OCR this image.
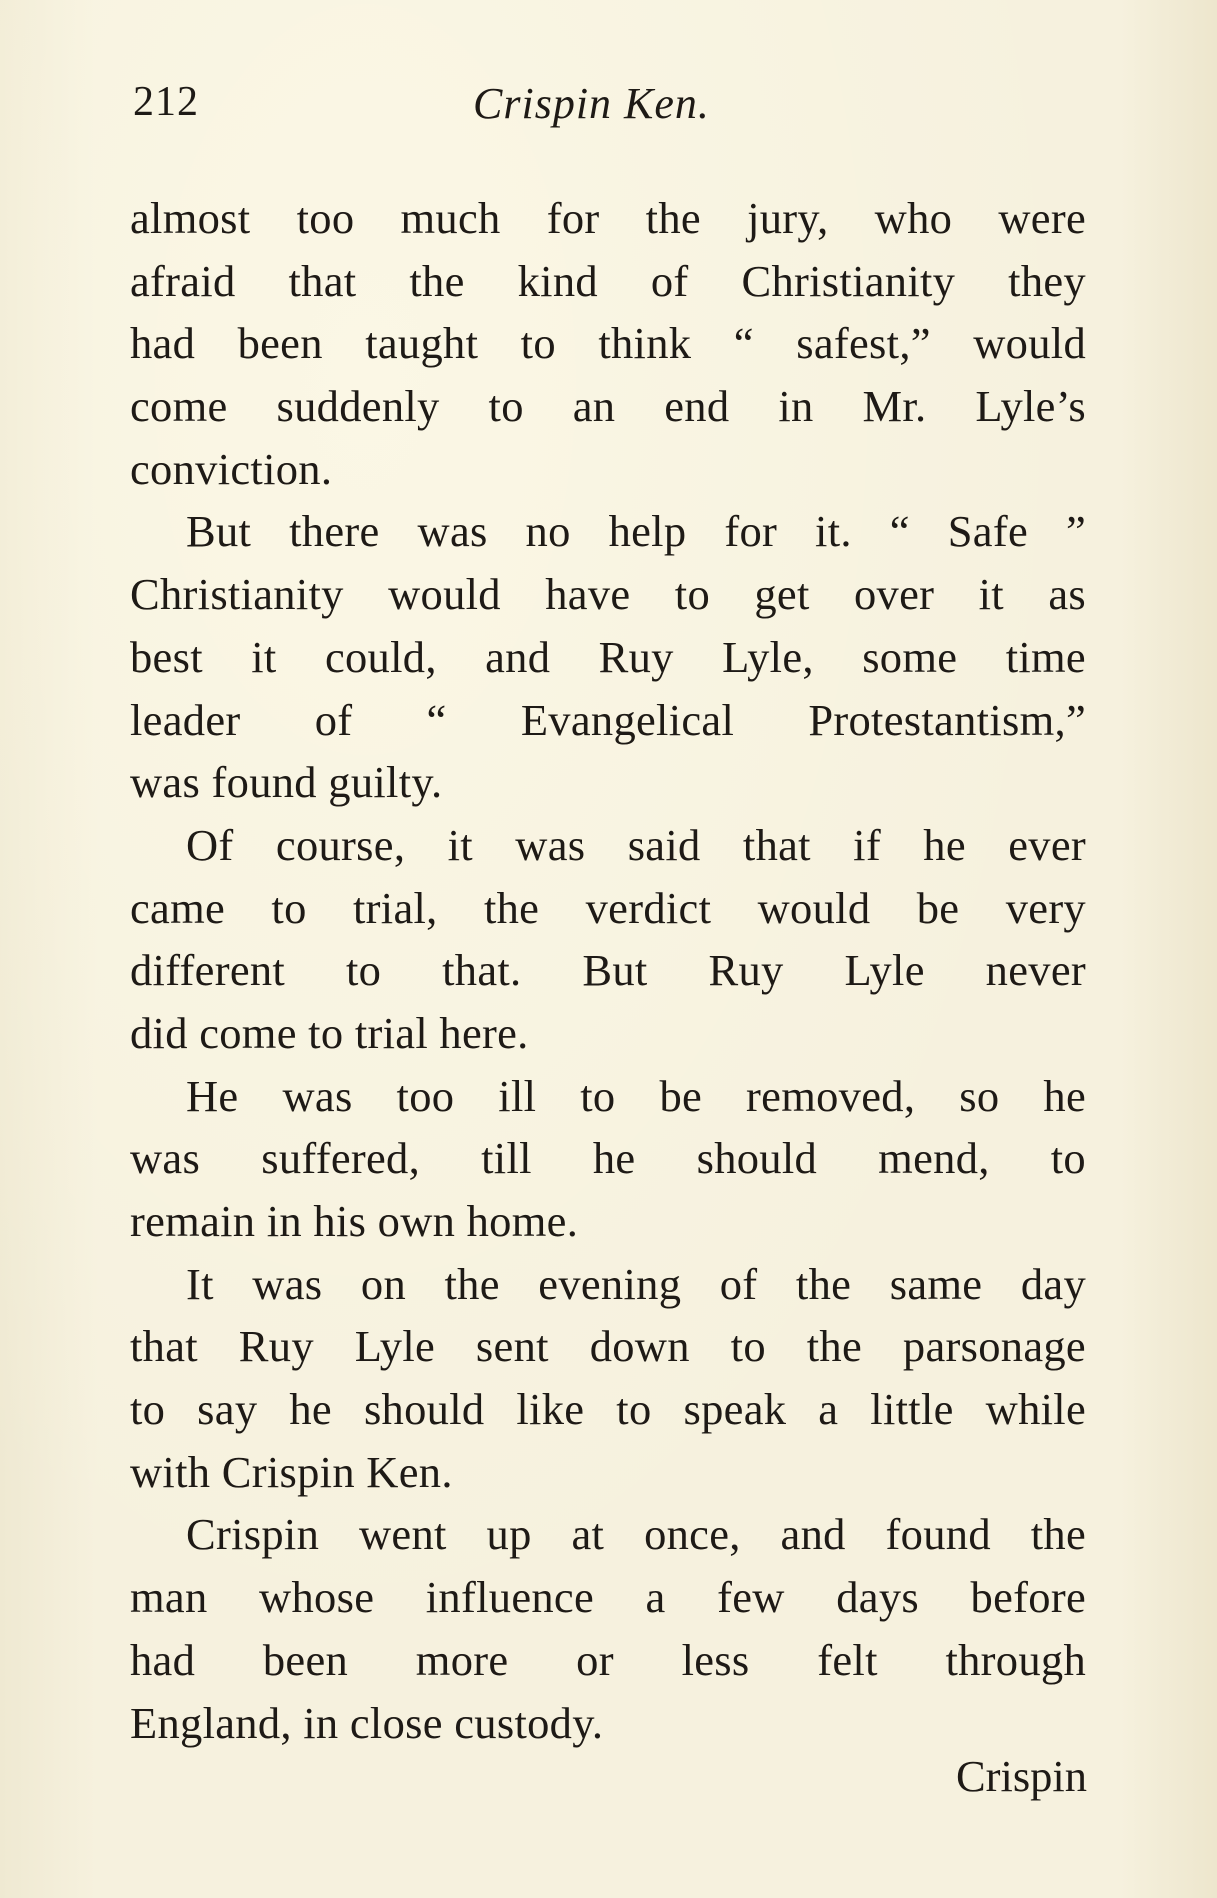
212	Crispin Ken.
almost too much for the jury, who were
afraid that the kind of Christianity they
had been taught to think “ safest,” would
come suddenly to an end in Mr. Lyle’s
conviction.
But there was no help for it. “ Safe ”
Christianity would have to get over it as
best it could, and Ruy Lyle, some time
leader of “ Evangelical Protestantism,”
was found guilty.
Of course, it was said that if he ever
came to trial, the verdict would be very
different to that. But Ruy Lyle never
did come to trial here.
He was too ill to be removed, so he
was suffered, till he should mend, to
remain in his own home.
It was on the evening of the same day
that Ruy Lyle sent down to the parsonage
to say he should like to speak a little while
with Crispin Ken.
Crispin went up at once, and found the
man whose influence a few days before
had been more or less felt through
England, in close custody.
Crispin
